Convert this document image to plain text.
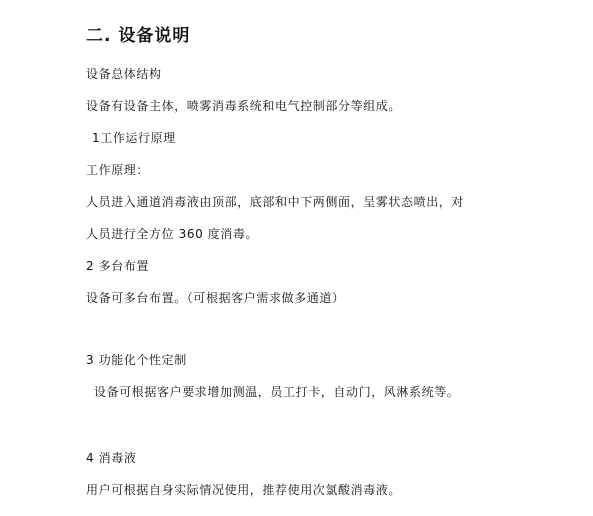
二. 设备说明
设备总体结构
设备有设备主体，喷雾消毒系统和电气控制部分等组成。
1工作运行原理
工作原理：
人员进入通道消毒液由顶部，底部和中下两侧面，呈雾状态喷出，对
人员进行全方位 360 度消毒。
2 多台布置
设备可多台布置。（可根据客户需求做多通道）
3 功能化个性定制
设备可根据客户要求增加测温，员工打卡，自动门，风淋系统等。
4 消毒液
用户可根据自身实际情况使用，推荐使用次氯酸消毒液。
